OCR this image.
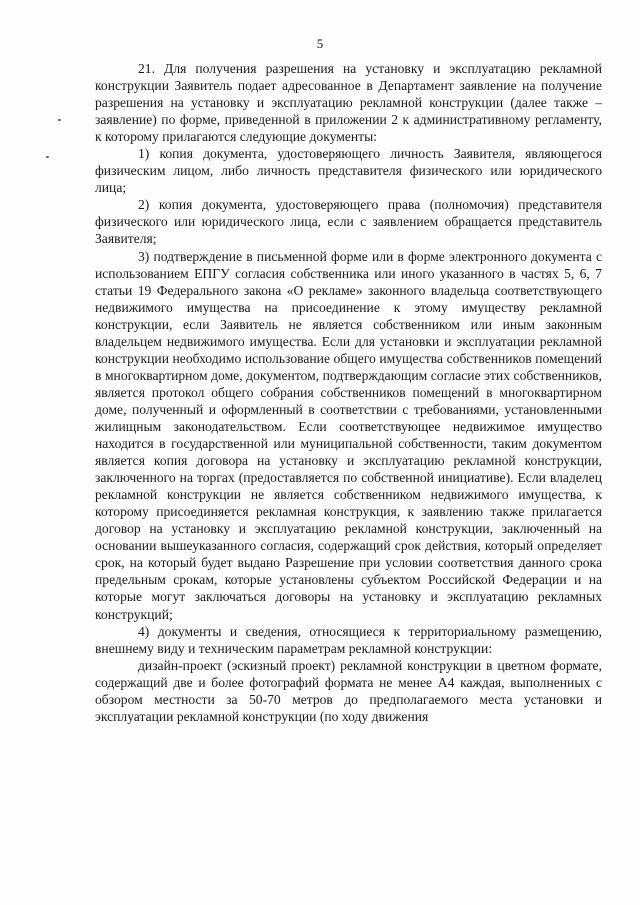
5

21. Для получения разрешения на установку и эксплуатацию рекламной конструкции Заявитель подает адресованное в Департамент заявление на получение разрешения на установку и эксплуатацию рекламной конструкции (далее также – заявление) по форме, приведенной в приложении 2 к административному регламенту, к которому прилагаются следующие документы:

1) копия документа, удостоверяющего личность Заявителя, являющегося физическим лицом, либо личность представителя физического или юридического лица;

2) копия документа, удостоверяющего права (полномочия) представителя физического или юридического лица, если с заявлением обращается представитель Заявителя;

3) подтверждение в письменной форме или в форме электронного документа с использованием ЕПГУ согласия собственника или иного указанного в частях 5, 6, 7 статьи 19 Федерального закона «О рекламе» законного владельца соответствующего недвижимого имущества на присоединение к этому имуществу рекламной конструкции, если Заявитель не является собственником или иным законным владельцем недвижимого имущества. Если для установки и эксплуатации рекламной конструкции необходимо использование общего имущества собственников помещений в многоквартирном доме, документом, подтверждающим согласие этих собственников, является протокол общего собрания собственников помещений в многоквартирном доме, полученный и оформленный в соответствии с требованиями, установленными жилищным законодательством. Если соответствующее недвижимое имущество находится в государственной или муниципальной собственности, таким документом является копия договора на установку и эксплуатацию рекламной конструкции, заключенного на торгах (предоставляется по собственной инициативе). Если владелец рекламной конструкции не является собственником недвижимого имущества, к которому присоединяется рекламная конструкция, к заявлению также прилагается договор на установку и эксплуатацию рекламной конструкции, заключенный на основании вышеуказанного согласия, содержащий срок действия, который определяет срок, на который будет выдано Разрешение при условии соответствия данного срока предельным срокам, которые установлены субъектом Российской Федерации и на которые могут заключаться договоры на установку и эксплуатацию рекламных конструкций;

4) документы и сведения, относящиеся к территориальному размещению, внешнему виду и техническим параметрам рекламной конструкции:

дизайн-проект (эскизный проект) рекламной конструкции в цветном формате, содержащий две и более фотографий формата не менее А4 каждая, выполненных с обзором местности за 50-70 метров до предполагаемого места установки и эксплуатации рекламной конструкции (по ходу движения
